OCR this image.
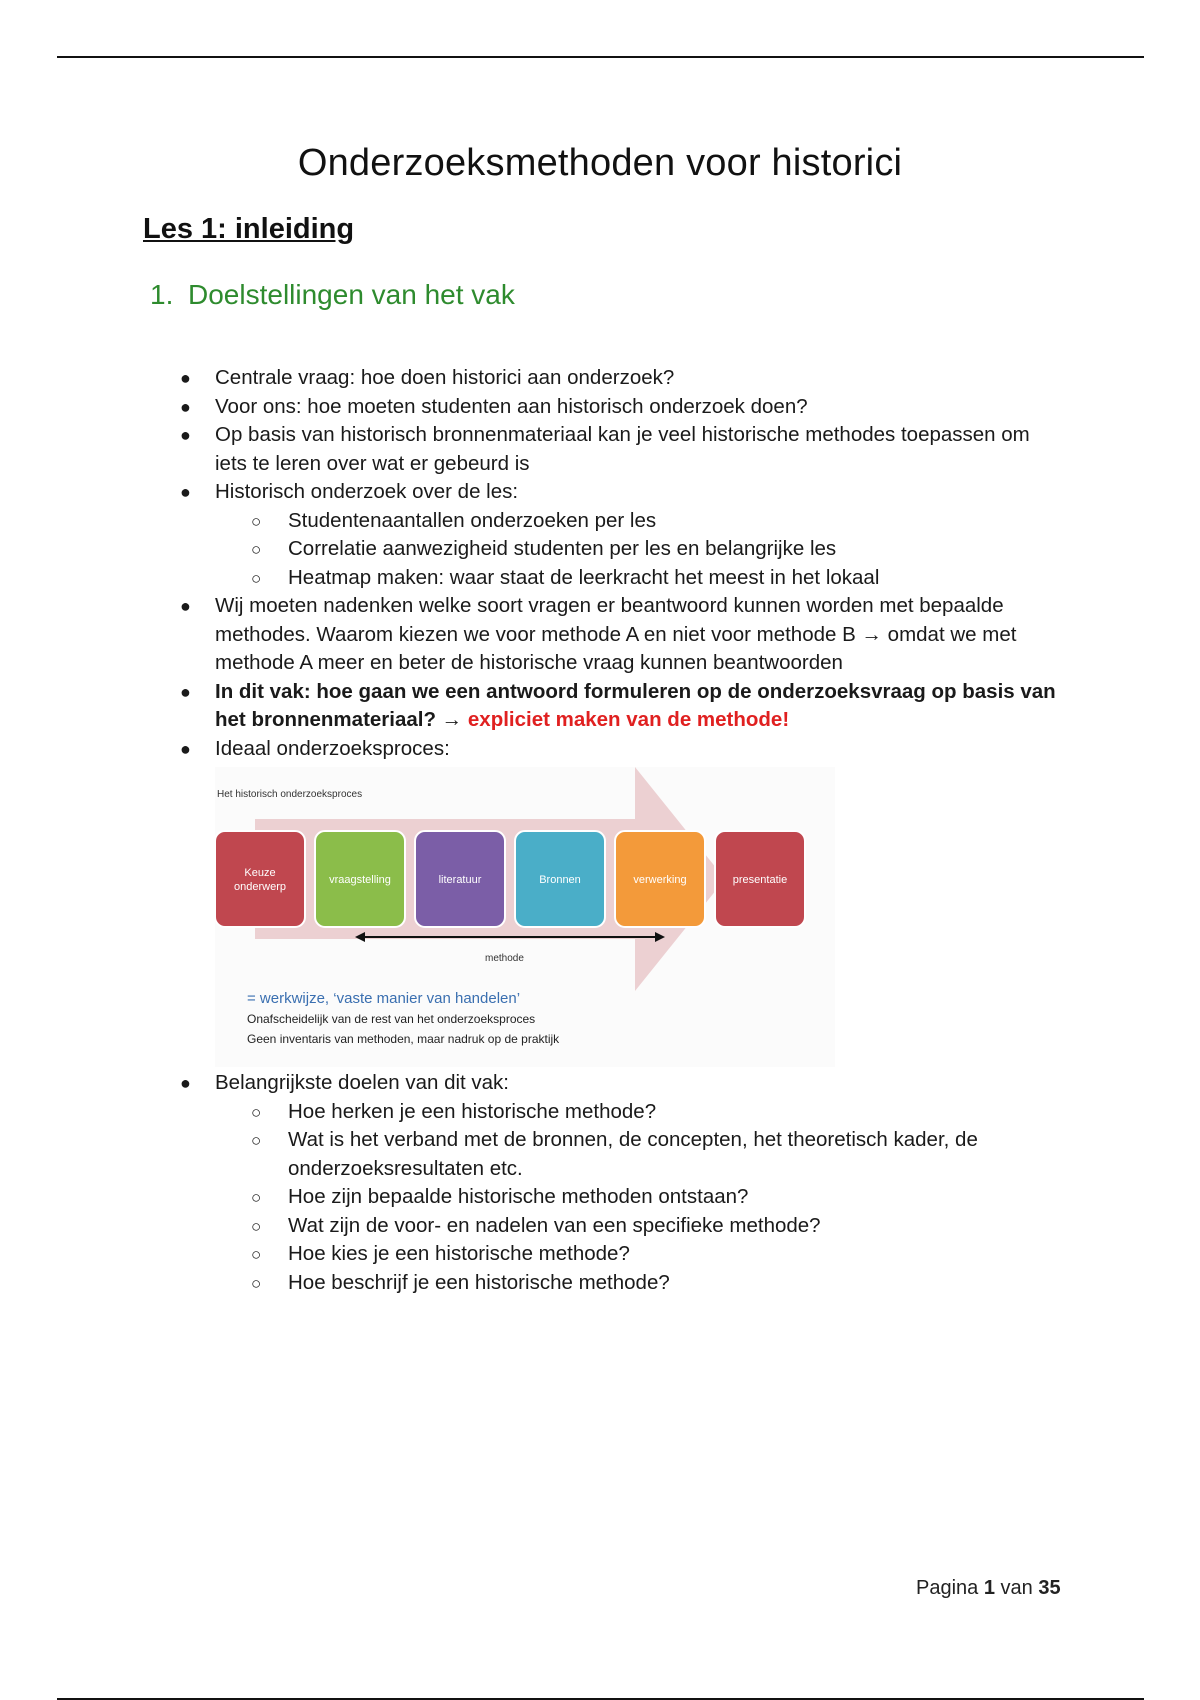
Onderzoeksmethoden voor historici
Les 1: inleiding
1. Doelstellingen van het vak
● Centrale vraag: hoe doen historici aan onderzoek?
● Voor ons: hoe moeten studenten aan historisch onderzoek doen?
● Op basis van historisch bronnenmateriaal kan je veel historische methodes toepassen om iets te leren over wat er gebeurd is
● Historisch onderzoek over de les:
○ Studentenaantallen onderzoeken per les
○ Correlatie aanwezigheid studenten per les en belangrijke les
○ Heatmap maken: waar staat de leerkracht het meest in het lokaal
● Wij moeten nadenken welke soort vragen er beantwoord kunnen worden met bepaalde methodes. Waarom kiezen we voor methode A en niet voor methode B → omdat we met methode A meer en beter de historische vraag kunnen beantwoorden
● In dit vak: hoe gaan we een antwoord formuleren op de onderzoeksvraag op basis van het bronnenmateriaal? → expliciet maken van de methode!
● Ideaal onderzoeksproces:
Het historisch onderzoeksproces
Keuze
onderwerp
vraagstelling	literatuur	Bronnen	verwerking	presentatie
methode
= werkwijze, ‘vaste manier van handelen’
Onafscheidelijk van de rest van het onderzoeksproces
Geen inventaris van methoden, maar nadruk op de praktijk
● Belangrijkste doelen van dit vak:
○ Hoe herken je een historische methode?
○ Wat is het verband met de bronnen, de concepten, het theoretisch kader, de onderzoeksresultaten etc.
○ Hoe zijn bepaalde historische methoden ontstaan?
○ Wat zijn de voor- en nadelen van een specifieke methode?
○ Hoe kies je een historische methode?
○ Hoe beschrijf je een historische methode?
Pagina 1 van 35
